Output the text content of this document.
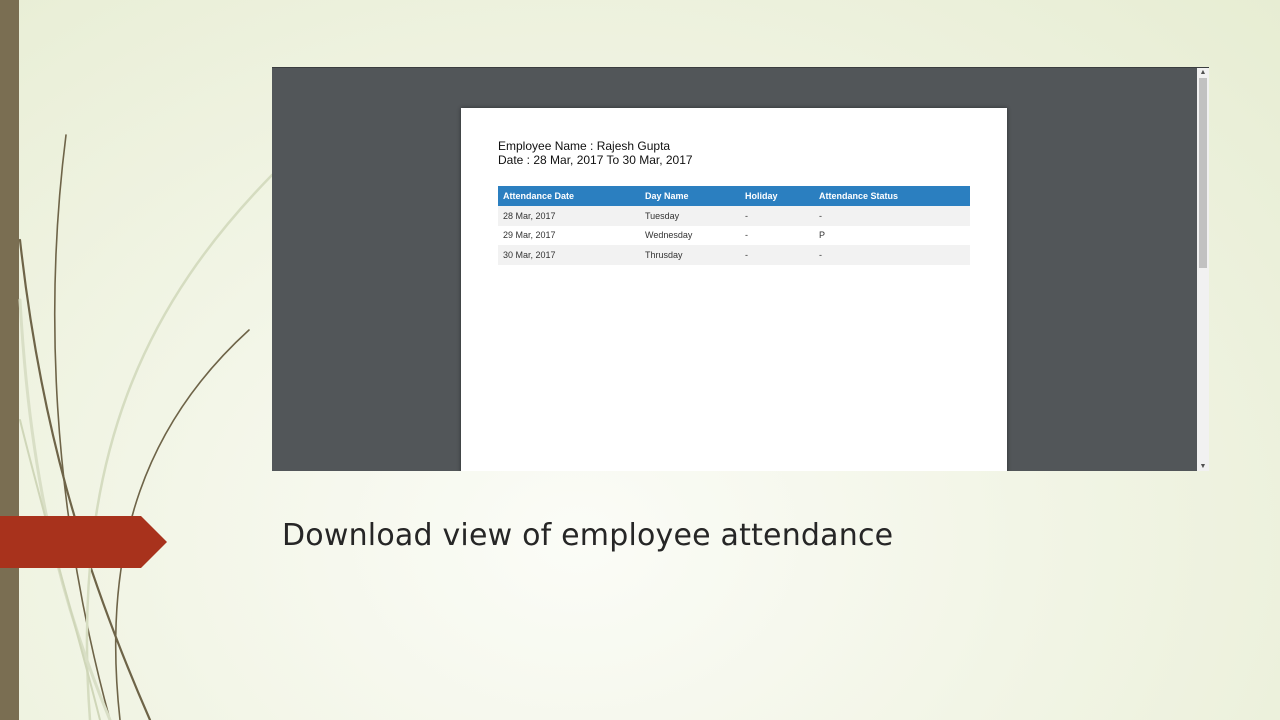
Employee Name : Rajesh Gupta
Date : 28 Mar, 2017 To 30 Mar, 2017
Attendance Date	Day Name	Holiday	Attendance Status
28 Mar, 2017	Tuesday	-	-
29 Mar, 2017	Wednesday	-	P
30 Mar, 2017	Thrusday	-	-
▲
▼
Download view of employee attendance
